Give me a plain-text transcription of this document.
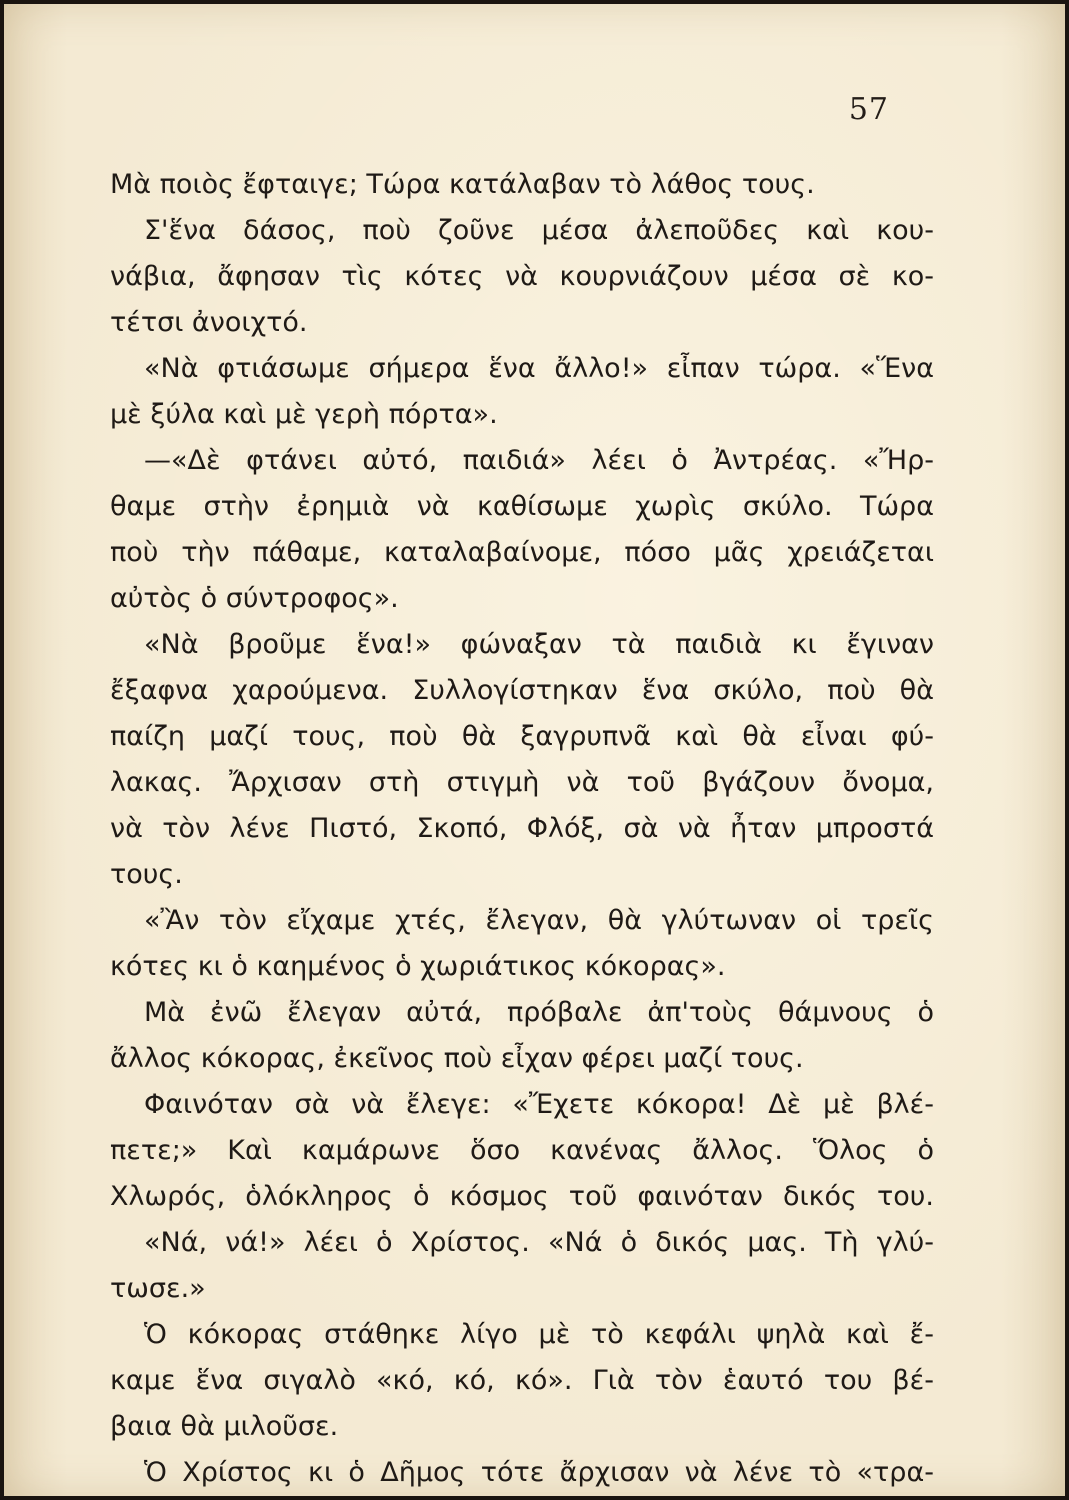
57
Μὰ ποιὸς ἔφταιγε; Τώρα κατάλαβαν τὸ λάθος τους.
Σ'ἕνα δάσος, ποὺ ζοῦνε μέσα ἀλεποῦδες καὶ κου-
νάβια, ἄφησαν τὶς κότες νὰ κουρνιάζουν μέσα σὲ κο-
τέτσι ἀνοιχτό.
«Νὰ φτιάσωμε σήμερα ἕνα ἄλλο!» εἶπαν τώρα. «Ἕνα
μὲ ξύλα καὶ μὲ γερὴ πόρτα».
—«Δὲ φτάνει αὐτό, παιδιά» λέει ὁ Ἀντρέας. «Ἤρ-
θαμε στὴν ἐρημιὰ νὰ καθίσωμε χωρὶς σκύλο. Τώρα
ποὺ τὴν πάθαμε, καταλαβαίνομε, πόσο μᾶς χρειάζεται
αὐτὸς ὁ σύντροφος».
«Νὰ βροῦμε ἕνα!» φώναξαν τὰ παιδιὰ κι ἔγιναν
ἔξαφνα χαρούμενα. Συλλογίστηκαν ἕνα σκύλο, ποὺ θὰ
παίζη μαζί τους, ποὺ θὰ ξαγρυπνᾶ καὶ θὰ εἶναι φύ-
λακας. Ἄρχισαν στὴ στιγμὴ νὰ τοῦ βγάζουν ὄνομα,
νὰ τὸν λένε Πιστό, Σκοπό, Φλόξ, σὰ νὰ ἦταν μπροστά
τους.
«Ἂν τὸν εἴχαμε χτές, ἔλεγαν, θὰ γλύτωναν οἱ τρεῖς
κότες κι ὁ καημένος ὁ χωριάτικος κόκορας».
Μὰ ἐνῶ ἔλεγαν αὐτά, πρόβαλε ἀπ'τοὺς θάμνους ὁ
ἄλλος κόκορας, ἐκεῖνος ποὺ εἶχαν φέρει μαζί τους.
Φαινόταν σὰ νὰ ἔλεγε: «Ἔχετε κόκορα! Δὲ μὲ βλέ-
πετε;» Καὶ καμάρωνε ὅσο κανένας ἄλλος. Ὅλος ὁ
Χλωρός, ὁλόκληρος ὁ κόσμος τοῦ φαινόταν δικός του.
«Νά, νά!» λέει ὁ Χρίστος. «Νά ὁ δικός μας. Τὴ γλύ-
τωσε.»
Ὁ κόκορας στάθηκε λίγο μὲ τὸ κεφάλι ψηλὰ καὶ ἔ-
καμε ἕνα σιγαλὸ «κό, κό, κό». Γιὰ τὸν ἑαυτό του βέ-
βαια θὰ μιλοῦσε.
Ὁ Χρίστος κι ὁ Δῆμος τότε ἄρχισαν νὰ λένε τὸ «τρα-
